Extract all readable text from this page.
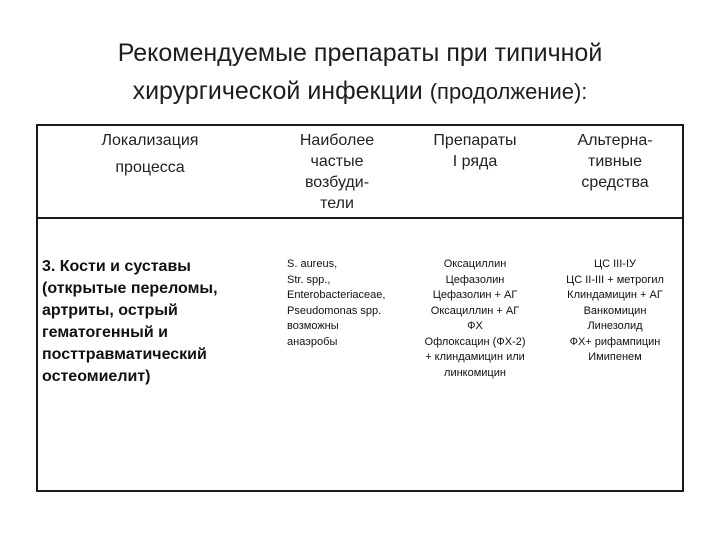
Рекомендуемые препараты при типичной
хирургической инфекции (продолжение):
Локализация
процесса
Наиболее
частые
возбуди-
тели
Препараты
I ряда
Альтерна-
тивные
средства
3. Кости и суставы
(открытые переломы,
артриты, острый
гематогенный и
посттравматический
остеомиелит)
S. aureus,
Str. spp.,
Enterobacteriaceae,
Pseudomonas spp.
возможны
анаэробы
Оксациллин
Цефазолин
Цефазолин + АГ
Оксациллин + АГ
ФХ
Офлоксацин (ФХ-2)
+ клиндамицин или
линкомицин
ЦС III-IУ
ЦС II-III + метрогил
Клиндамицин + АГ
Ванкомицин
Линезолид
ФХ+ рифампицин
Имипенем
